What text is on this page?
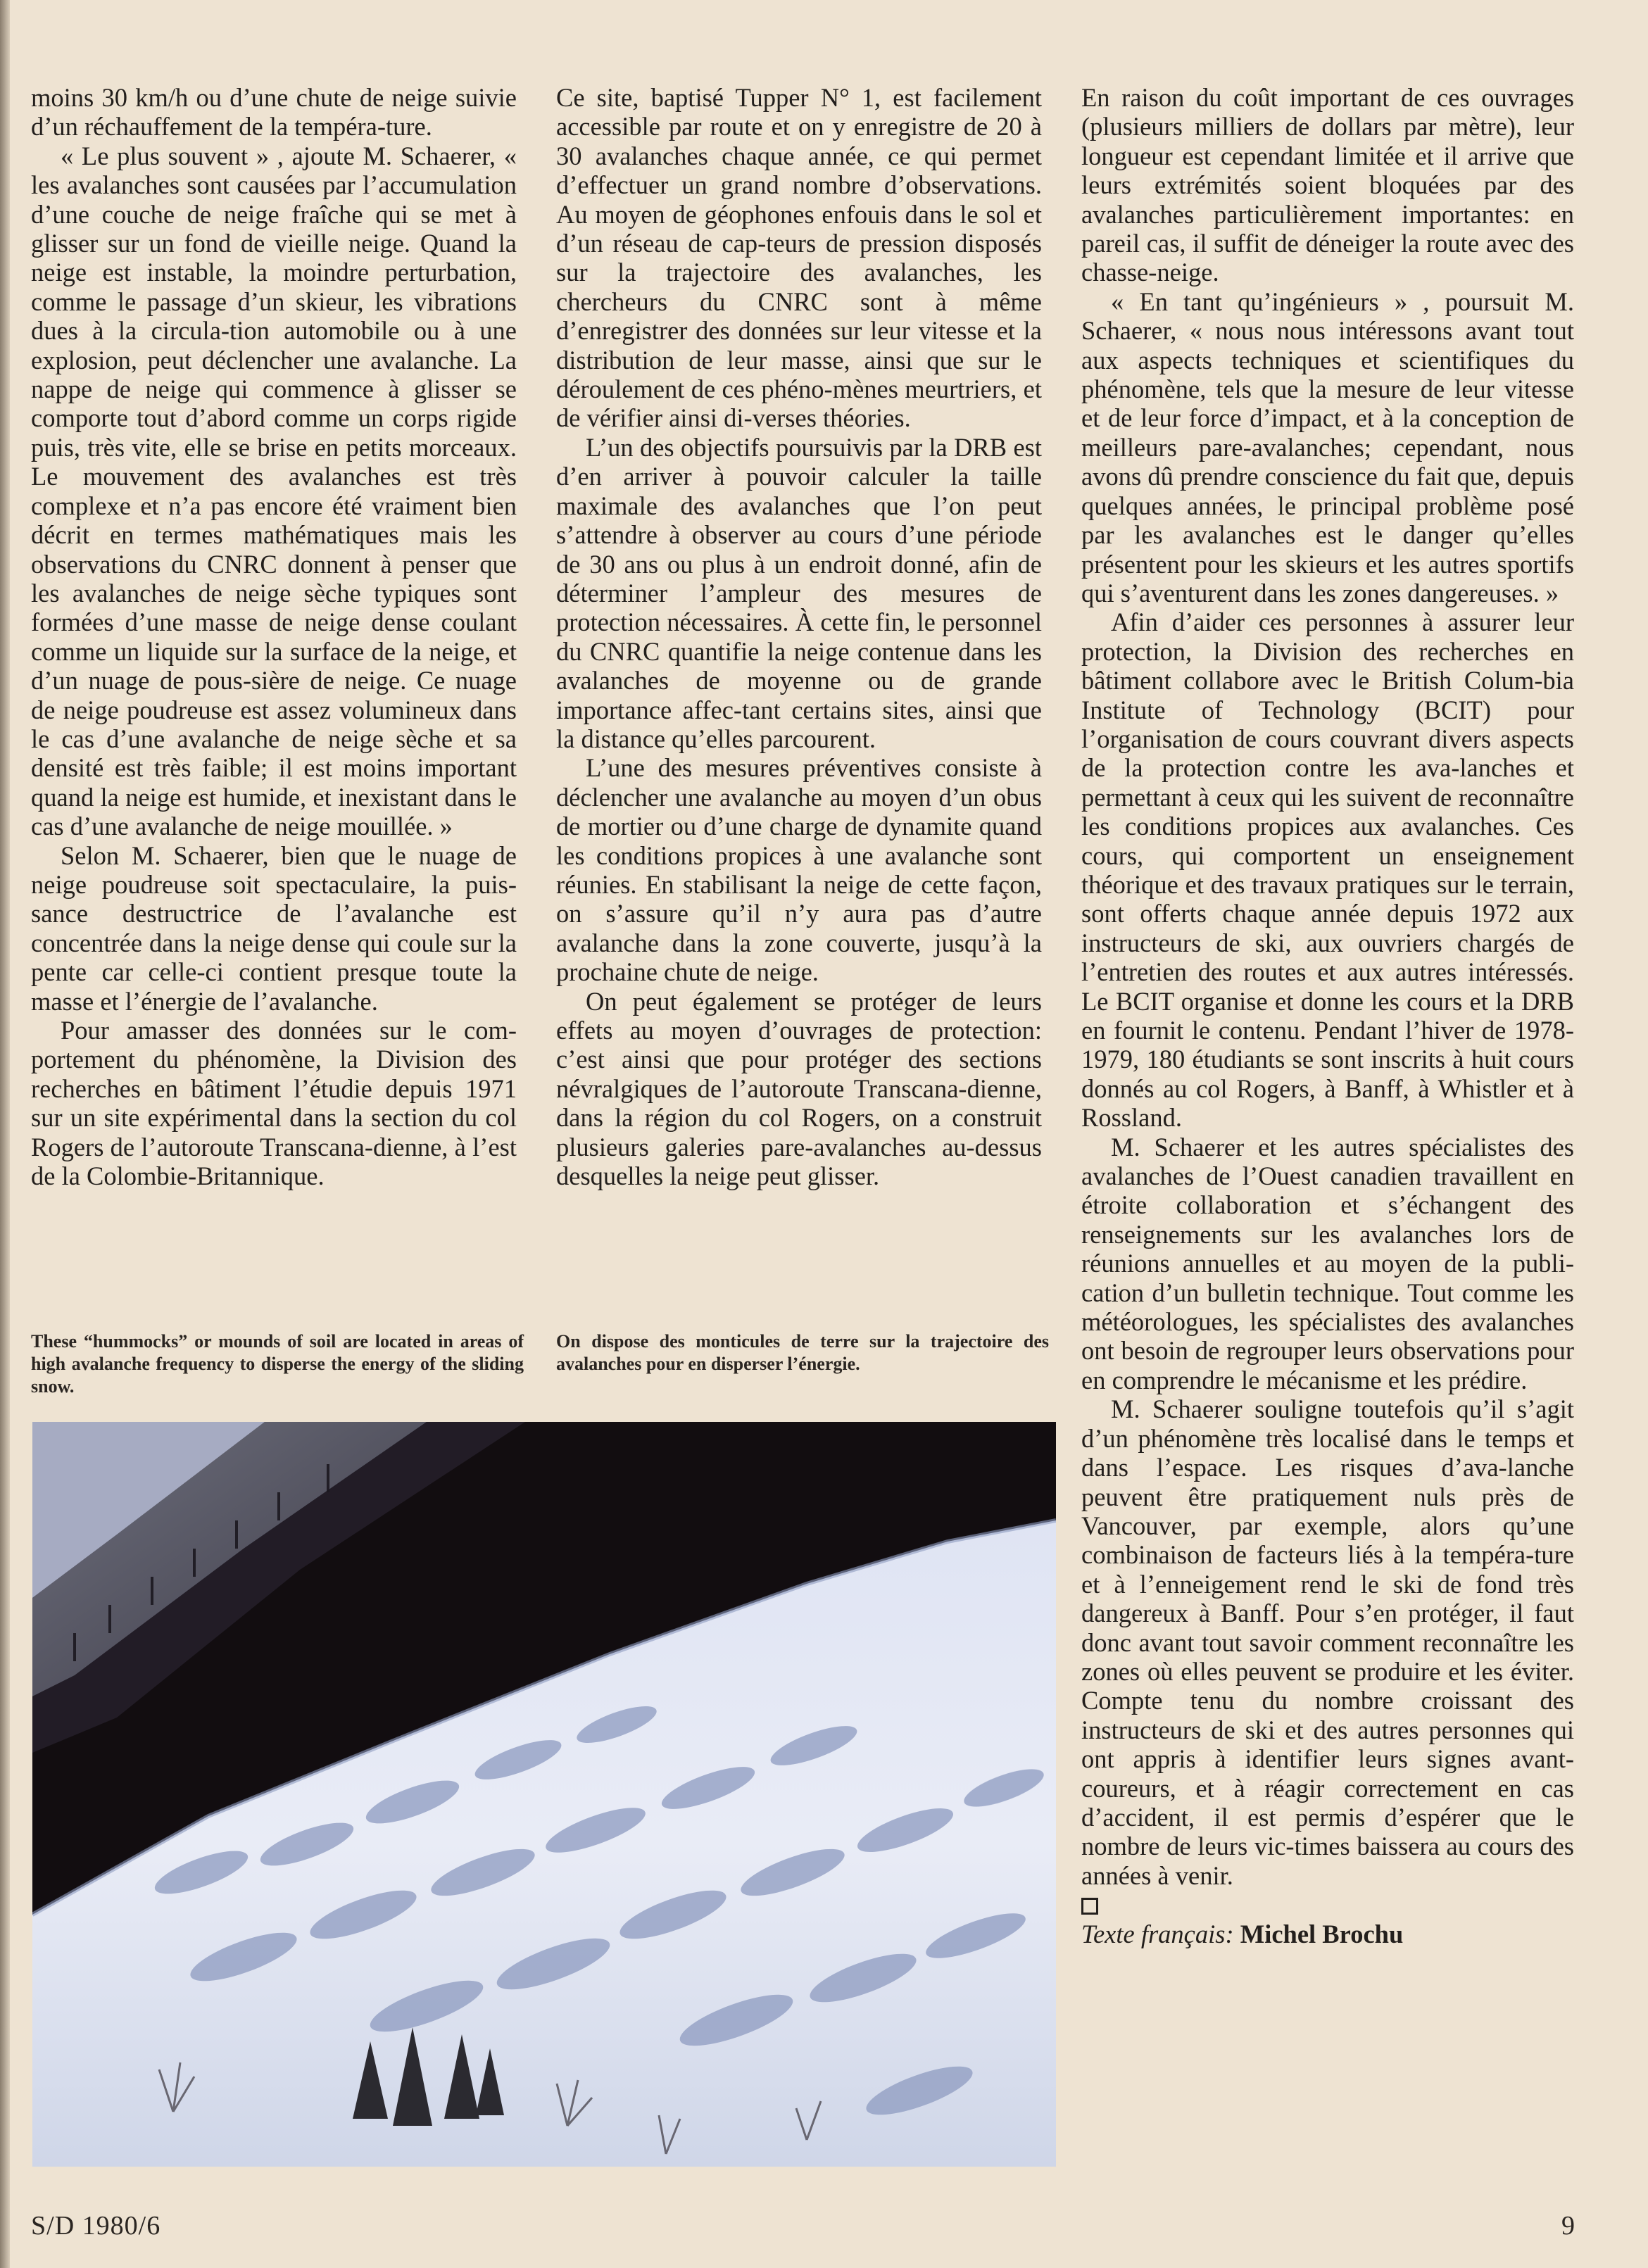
moins 30 km/h ou d’une chute de neige suivie d’un réchauffement de la tempéra-ture.

« Le plus souvent » , ajoute M. Schaerer, « les avalanches sont causées par l’accumulation d’une couche de neige fraîche qui se met à glisser sur un fond de vieille neige. Quand la neige est instable, la moindre perturbation, comme le passage d’un skieur, les vibrations dues à la circula-tion automobile ou à une explosion, peut déclencher une avalanche. La nappe de neige qui commence à glisser se comporte tout d’abord comme un corps rigide puis, très vite, elle se brise en petits morceaux. Le mouvement des avalanches est très complexe et n’a pas encore été vraiment bien décrit en termes mathématiques mais les observations du CNRC donnent à penser que les avalanches de neige sèche typiques sont formées d’une masse de neige dense coulant comme un liquide sur la surface de la neige, et d’un nuage de pous-sière de neige. Ce nuage de neige poudreuse est assez volumineux dans le cas d’une avalanche de neige sèche et sa densité est très faible; il est moins important quand la neige est humide, et inexistant dans le cas d’une avalanche de neige mouillée. »

Selon M. Schaerer, bien que le nuage de neige poudreuse soit spectaculaire, la puis-sance destructrice de l’avalanche est concentrée dans la neige dense qui coule sur la pente car celle-ci contient presque toute la masse et l’énergie de l’avalanche.

Pour amasser des données sur le com-portement du phénomène, la Division des recherches en bâtiment l’étudie depuis 1971 sur un site expérimental dans la section du col Rogers de l’autoroute Transcana-dienne, à l’est de la Colombie-Britannique.

Ce site, baptisé Tupper N° 1, est facilement accessible par route et on y enregistre de 20 à 30 avalanches chaque année, ce qui permet d’effectuer un grand nombre d’observations. Au moyen de géophones enfouis dans le sol et d’un réseau de cap-teurs de pression disposés sur la trajectoire des avalanches, les chercheurs du CNRC sont à même d’enregistrer des données sur leur vitesse et la distribution de leur masse, ainsi que sur le déroulement de ces phéno-mènes meurtriers, et de vérifier ainsi di-verses théories.

L’un des objectifs poursuivis par la DRB est d’en arriver à pouvoir calculer la taille maximale des avalanches que l’on peut s’attendre à observer au cours d’une période de 30 ans ou plus à un endroit donné, afin de déterminer l’ampleur des mesures de protection nécessaires. À cette fin, le personnel du CNRC quantifie la neige contenue dans les avalanches de moyenne ou de grande importance affec-tant certains sites, ainsi que la distance qu’elles parcourent.

L’une des mesures préventives consiste à déclencher une avalanche au moyen d’un obus de mortier ou d’une charge de dynamite quand les conditions propices à une avalanche sont réunies. En stabilisant la neige de cette façon, on s’assure qu’il n’y aura pas d’autre avalanche dans la zone couverte, jusqu’à la prochaine chute de neige.

On peut également se protéger de leurs effets au moyen d’ouvrages de protection: c’est ainsi que pour protéger des sections névralgiques de l’autoroute Transcana-dienne, dans la région du col Rogers, on a construit plusieurs galeries pare-avalanches au-dessus desquelles la neige peut glisser.

En raison du coût important de ces ouvrages (plusieurs milliers de dollars par mètre), leur longueur est cependant limitée et il arrive que leurs extrémités soient bloquées par des avalanches particulièrement importantes: en pareil cas, il suffit de déneiger la route avec des chasse-neige.

« En tant qu’ingénieurs » , poursuit M. Schaerer, « nous nous intéressons avant tout aux aspects techniques et scientifiques du phénomène, tels que la mesure de leur vitesse et de leur force d’impact, et à la conception de meilleurs pare-avalanches; cependant, nous avons dû prendre conscience du fait que, depuis quelques années, le principal problème posé par les avalanches est le danger qu’elles présentent pour les skieurs et les autres sportifs qui s’aventurent dans les zones dangereuses. »

Afin d’aider ces personnes à assurer leur protection, la Division des recherches en bâtiment collabore avec le British Colum-bia Institute of Technology (BCIT) pour l’organisation de cours couvrant divers aspects de la protection contre les ava-lanches et permettant à ceux qui les suivent de reconnaître les conditions propices aux avalanches. Ces cours, qui comportent un enseignement théorique et des travaux pratiques sur le terrain, sont offerts chaque année depuis 1972 aux instructeurs de ski, aux ouvriers chargés de l’entretien des routes et aux autres intéressés. Le BCIT organise et donne les cours et la DRB en fournit le contenu. Pendant l’hiver de 1978-1979, 180 étudiants se sont inscrits à huit cours donnés au col Rogers, à Banff, à Whistler et à Rossland.

M. Schaerer et les autres spécialistes des avalanches de l’Ouest canadien travaillent en étroite collaboration et s’échangent des renseignements sur les avalanches lors de réunions annuelles et au moyen de la publi-cation d’un bulletin technique. Tout comme les météorologues, les spécialistes des avalanches ont besoin de regrouper leurs observations pour en comprendre le mécanisme et les prédire.

M. Schaerer souligne toutefois qu’il s’agit d’un phénomène très localisé dans le temps et dans l’espace. Les risques d’ava-lanche peuvent être pratiquement nuls près de Vancouver, par exemple, alors qu’une combinaison de facteurs liés à la tempéra-ture et à l’enneigement rend le ski de fond très dangereux à Banff. Pour s’en protéger, il faut donc avant tout savoir comment reconnaître les zones où elles peuvent se produire et les éviter. Compte tenu du nombre croissant des instructeurs de ski et des autres personnes qui ont appris à identifier leurs signes avant-coureurs, et à réagir correctement en cas d’accident, il est permis d’espérer que le nombre de leurs vic-times baissera au cours des années à venir.

Texte français: Michel Brochu

These “hummocks” or mounds of soil are located in areas of high avalanche frequency to disperse the energy of the sliding snow.
On dispose des monticules de terre sur la trajectoire des avalanches pour en disperser l’énergie.
S/D 1980/6	9
